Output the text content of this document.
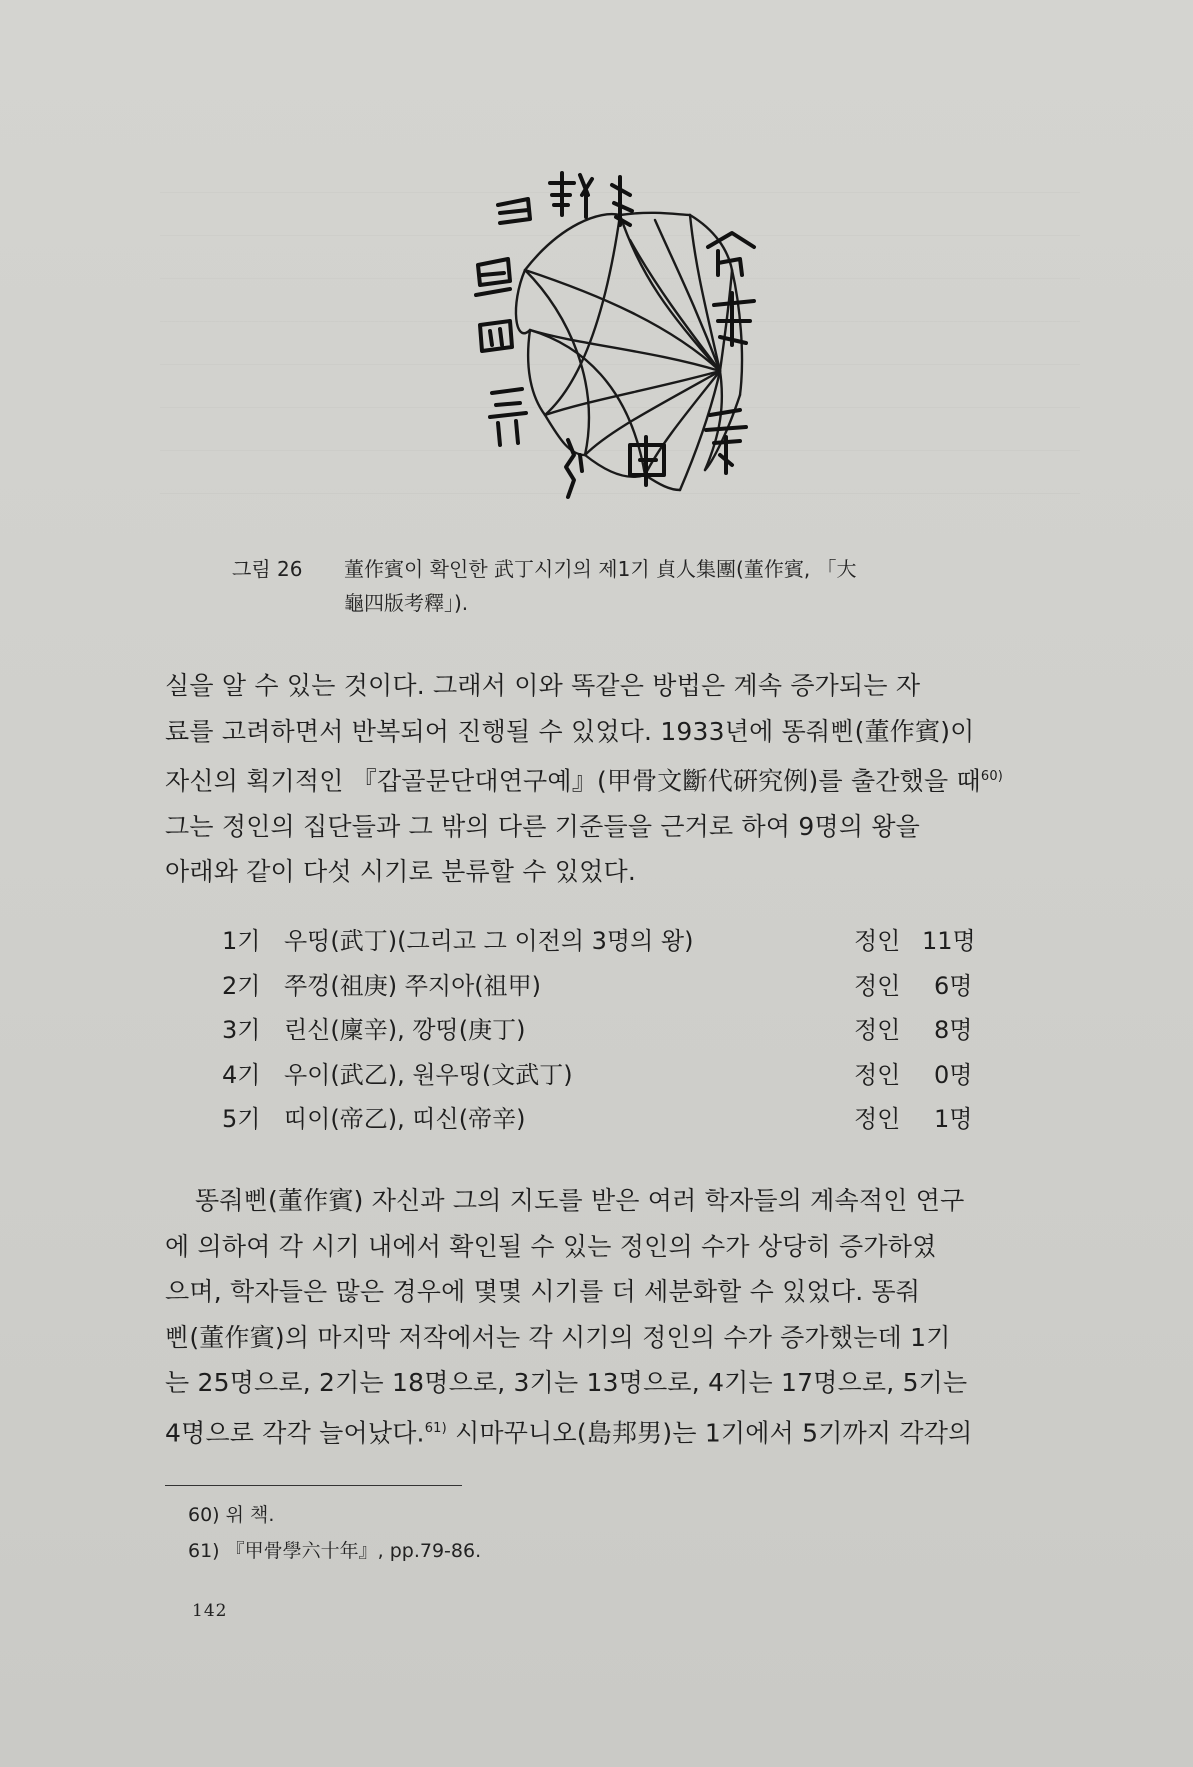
그림 26 董作賓이 확인한 武丁시기의 제1기 貞人集團(董作賓, 「大
龜四版考釋」).

실을 알 수 있는 것이다. 그래서 이와 똑같은 방법은 계속 증가되는 자

료를 고려하면서 반복되어 진행될 수 있었다. 1933년에 똥줘삔(董作賓)이

자신의 획기적인 『갑골문단대연구예』(甲骨文斷代硏究例)를 출간했을 때$^{60)}$

그는 정인의 집단들과 그 밖의 다른 기준들을 근거로 하여 9명의 왕을

아래와 같이 다섯 시기로 분류할 수 있었다.

1기 우띵(武丁)(그리고 그 이전의 3명의 왕)	정인 11명
2기 쭈껑(祖庚) 쭈지아(祖甲)	정인	6명
3기 린신(廩辛), 깡띵(庚丁)	정인	8명
4기 우이(武乙), 원우띵(文武丁)	정인	0명
5기 띠이(帝乙), 띠신(帝辛)	정인	1명

똥줘삔(董作賓) 자신과 그의 지도를 받은 여러 학자들의 계속적인 연구

에 의하여 각 시기 내에서 확인될 수 있는 정인의 수가 상당히 증가하였

으며, 학자들은 많은 경우에 몇몇 시기를 더 세분화할 수 있었다. 똥줘

삔(董作賓)의 마지막 저작에서는 각 시기의 정인의 수가 증가했는데 1기

는 25명으로, 2기는 18명으로, 3기는 13명으로, 4기는 17명으로, 5기는

4명으로 각각 늘어났다.$^{61)}$ 시마꾸니오(島邦男)는 1기에서 5기까지 각각의

60) 위 책.
61) 『甲骨學六十年』, pp.79-86.
142
